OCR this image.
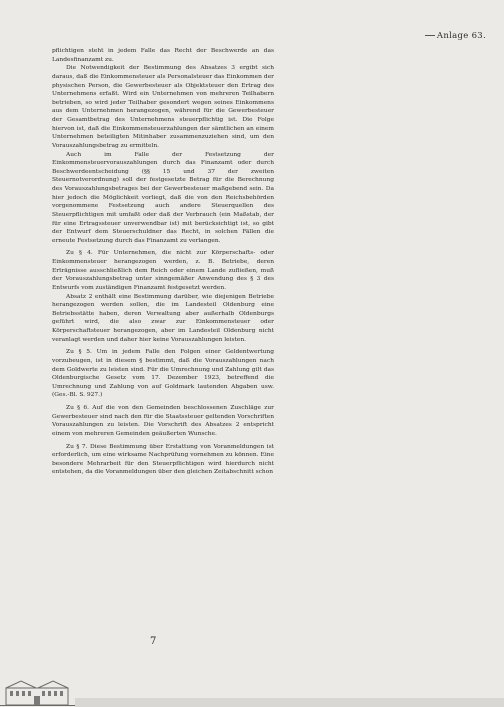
Anlage 63.

pflichtigen steht in jedem Falle das Recht der Beschwerde an das Landesfinanzamt zu.

Die Notwendigkeit der Bestimmung des Absatzes 3 ergibt sich daraus, daß die Einkommensteuer als Personalsteuer das Einkommen der physischen Person, die Gewerbesteuer als Objektsteuer den Ertrag des Unternehmens erfaßt. Wird ein Unternehmen von mehreren Teilhabern betrieben, so wird jeder Teilhaber gesondert wegen seines Einkommens aus dem Unternehmen herangezogen, während für die Gewerbesteuer der Gesamtbetrag des Unternehmens steuerpflichtig ist. Die Folge hiervon ist, daß die Einkommensteuerzahlungen der sämtlichen an einem Unternehmen beteiligten Mitinhaber zusammenzuziehen sind, um den Vorauszahlungsbetrag zu ermitteln.

Auch im Falle der Festsetzung der Einkommensteuervorauszahlungen durch das Finanzamt oder durch Beschwerdeentscheidung (§§ 15 und 37 der zweiten Steuernotverordnung) soll der festgesetzte Betrag für die Berechnung des Vorauszahlungsbetrages bei der Gewerbesteuer maßgebend sein. Da hier jedoch die Möglichkeit vorliegt, daß die von den Reichsbehörden vorgenommene Festsetzung auch andere Steuerquellen des Steuerpflichtigen mit umfaßt oder daß der Verbrauch (ein Maßstab, der für eine Ertragssteuer unverwendbar ist) mit berücksichtigt ist, so gibt der Entwurf dem Steuerschuldner das Recht, in solchen Fällen die erneute Festsetzung durch das Finanzamt zu verlangen.

Zu § 4. Für Unternehmen, die nicht zur Körperschafts- oder Einkommensteuer herangezogen werden, z. B. Betriebe, deren Erträgnisse ausschließlich dem Reich oder einem Lande zufließen, muß der Vorauszahlungsbetrag unter sinngemäßer Anwendung des § 3 des Entwurfs vom zuständigen Finanzamt festgesetzt werden.

Absatz 2 enthält eine Bestimmung darüber, wie diejenigen Betriebe herangezogen werden sollen, die im Landesteil Oldenburg eine Betriebsstätte haben, deren Verwaltung aber außerhalb Oldenburgs geführt wird, die also zwar zur Einkommensteuer oder Körperschaftsteuer herangezogen, aber im Landesteil Oldenburg nicht veranlagt werden und daher hier keine Vorauszahlungen leisten.

Zu § 5. Um in jedem Falle den Folgen einer Geldentwertung vorzubeugen, ist in diesem § bestimmt, daß die Vorauszahlungen nach dem Goldwerte zu leisten sind. Für die Umrechnung und Zahlung gilt das Oldenburgische Gesetz vom 17. Dezember 1923, betreffend die Umrechnung und Zahlung von auf Goldmark lautenden Abgaben usw. (Ges.-Bl. S. 927.)

Zu § 6. Auf die von den Gemeinden beschlossenen Zuschläge zur Gewerbesteuer sind nach den für die Staatssteuer geltenden Vorschriften Vorauszahlungen zu leisten. Die Vorschrift des Absatzes 2 entspricht einem von mehreren Gemeinden geäußerten Wunsche.

Zu § 7. Diese Bestimmung über Erstattung von Voranmeldungen ist erforderlich, um eine wirksame Nachprüfung vornehmen zu können. Eine besondere Mehrarbeit für den Steuerpflichtigen wird hierdurch nicht entstehen, da die Voranmeldungen über den gleichen Zeitabschnitt schon

7
